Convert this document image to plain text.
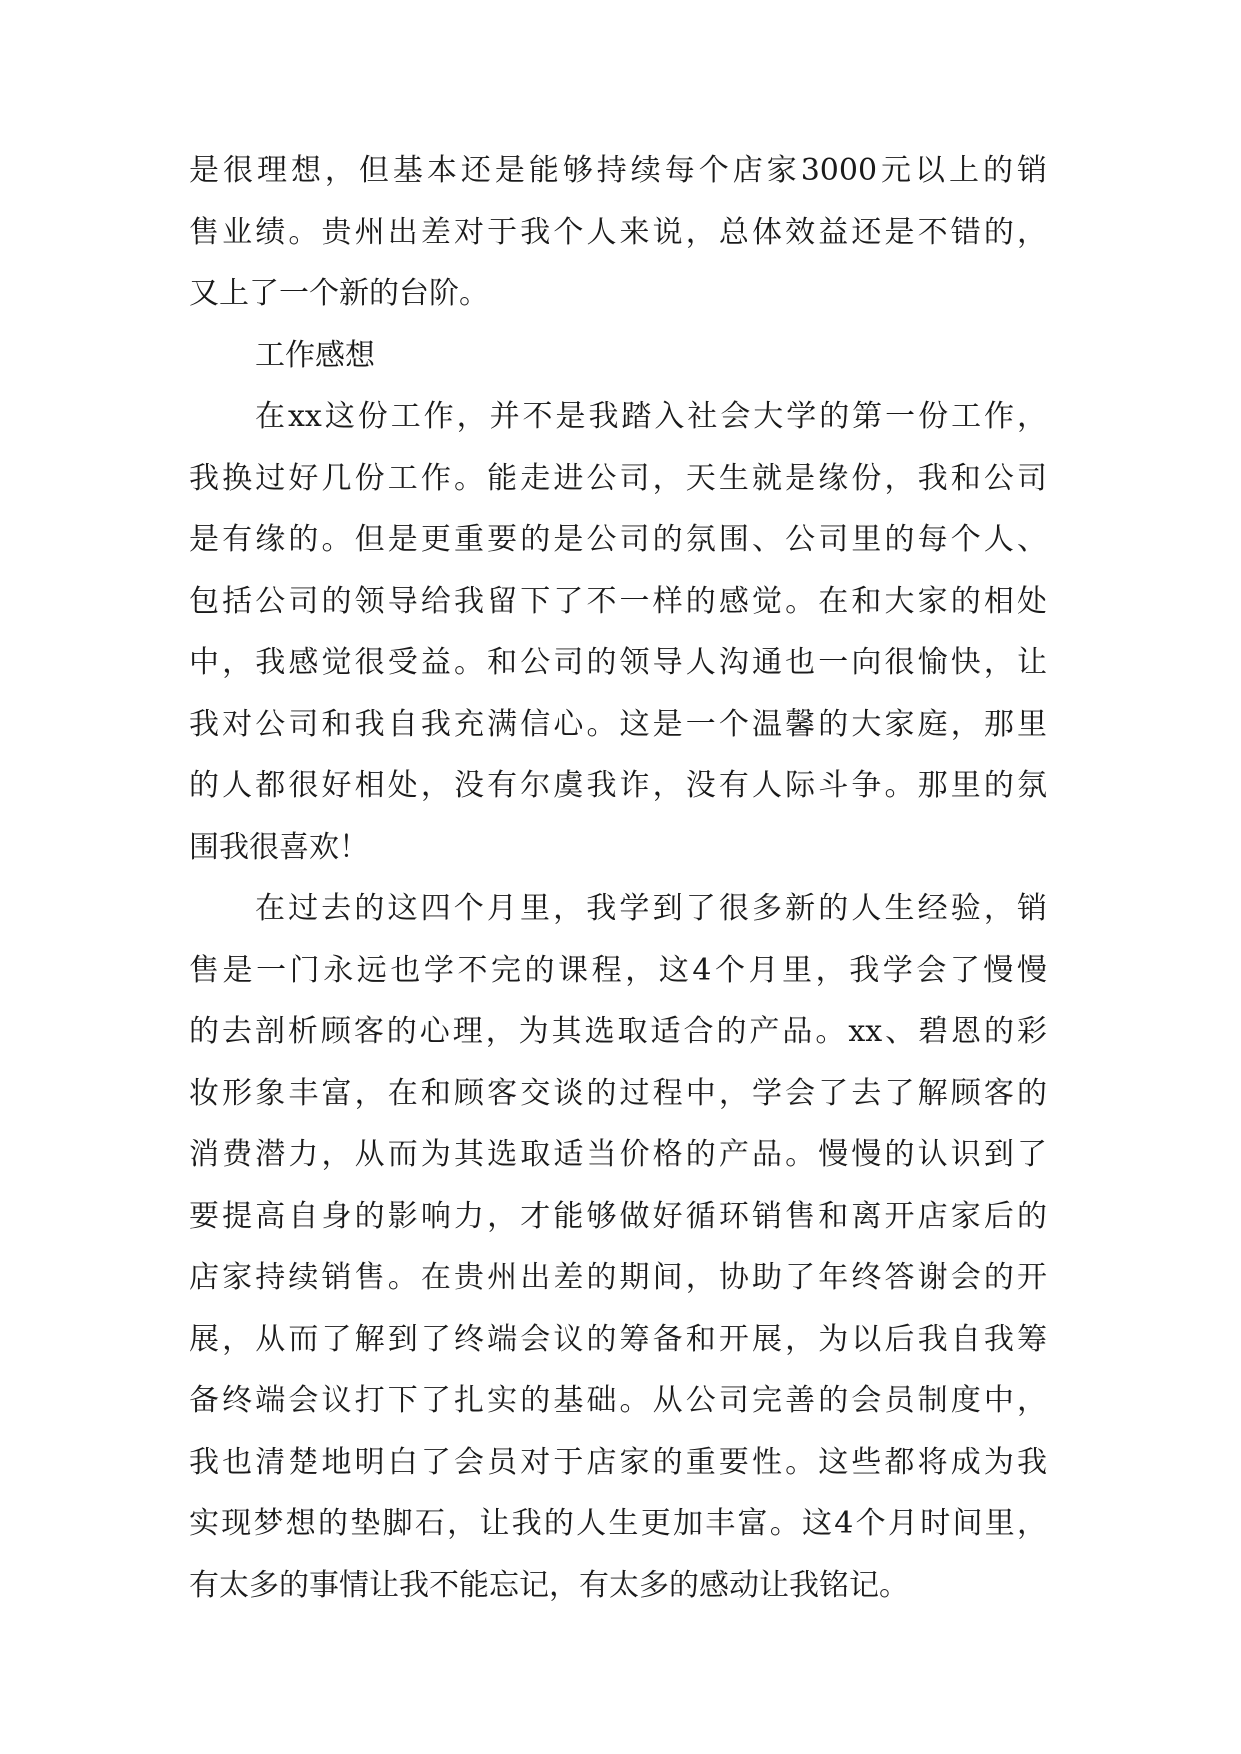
是很理想，但基本还是能够持续每个店家3000元以上的销
售业绩。贵州出差对于我个人来说，总体效益还是不错的，
又上了一个新的台阶。
工作感想
在xx这份工作，并不是我踏入社会大学的第一份工作，
我换过好几份工作。能走进公司，天生就是缘份，我和公司
是有缘的。但是更重要的是公司的氛围、公司里的每个人、
包括公司的领导给我留下了不一样的感觉。在和大家的相处
中，我感觉很受益。和公司的领导人沟通也一向很愉快，让
我对公司和我自我充满信心。这是一个温馨的大家庭，那里
的人都很好相处，没有尔虞我诈，没有人际斗争。那里的氛
围我很喜欢！
在过去的这四个月里，我学到了很多新的人生经验，销
售是一门永远也学不完的课程，这4个月里，我学会了慢慢
的去剖析顾客的心理，为其选取适合的产品。xx、碧恩的彩
妆形象丰富，在和顾客交谈的过程中，学会了去了解顾客的
消费潜力，从而为其选取适当价格的产品。慢慢的认识到了
要提高自身的影响力，才能够做好循环销售和离开店家后的
店家持续销售。在贵州出差的期间，协助了年终答谢会的开
展，从而了解到了终端会议的筹备和开展，为以后我自我筹
备终端会议打下了扎实的基础。从公司完善的会员制度中，
我也清楚地明白了会员对于店家的重要性。这些都将成为我
实现梦想的垫脚石，让我的人生更加丰富。这4个月时间里，
有太多的事情让我不能忘记，有太多的感动让我铭记。
